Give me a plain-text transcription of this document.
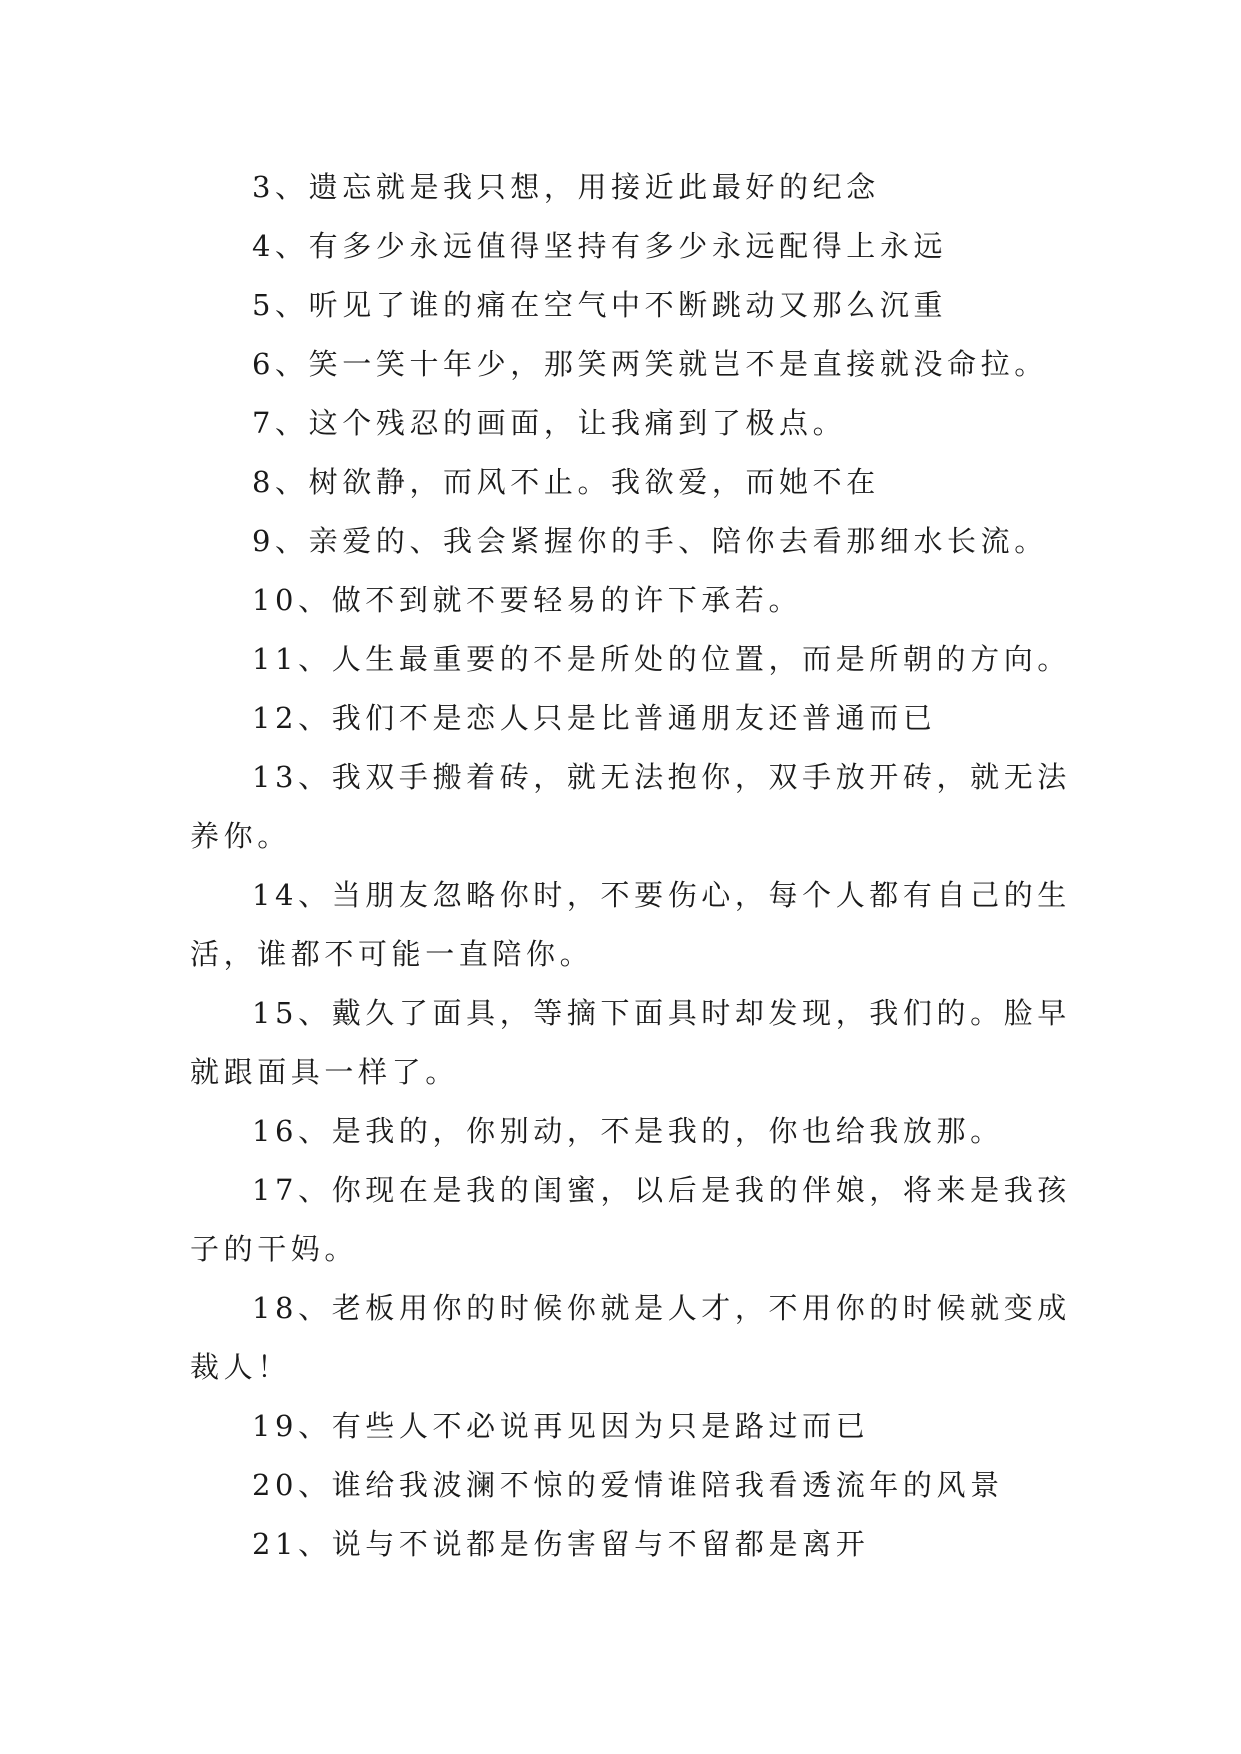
3、遗忘就是我只想，用接近此最好的纪念

4、有多少永远值得坚持有多少永远配得上永远

5、听见了谁的痛在空气中不断跳动又那么沉重

6、笑一笑十年少，那笑两笑就岂不是直接就没命拉。

7、这个残忍的画面，让我痛到了极点。

8、树欲静，而风不止。我欲爱，而她不在

9、亲爱的、我会紧握你的手、陪你去看那细水长流。

10、做不到就不要轻易的许下承若。

11、人生最重要的不是所处的位置，而是所朝的方向。

12、我们不是恋人只是比普通朋友还普通而已

13、我双手搬着砖，就无法抱你，双手放开砖，就无法养你。

14、当朋友忽略你时，不要伤心，每个人都有自己的生活，谁都不可能一直陪你。

15、戴久了面具，等摘下面具时却发现，我们的。脸早就跟面具一样了。

16、是我的，你别动，不是我的，你也给我放那。

17、你现在是我的闺蜜，以后是我的伴娘，将来是我孩子的干妈。

18、老板用你的时候你就是人才，不用你的时候就变成裁人！

19、有些人不必说再见因为只是路过而已

20、谁给我波澜不惊的爱情谁陪我看透流年的风景

21、说与不说都是伤害留与不留都是离开
